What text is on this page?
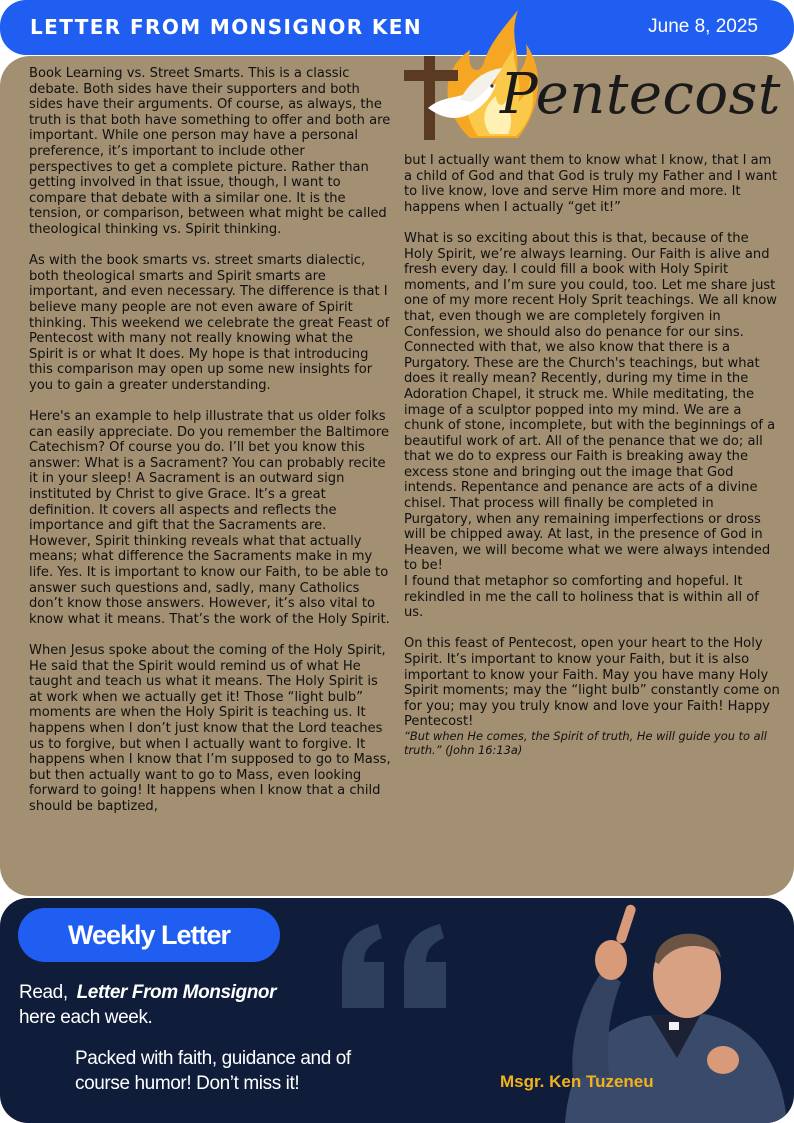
LETTER FROM MONSIGNOR KEN	June 8, 2025
Pentecost

Book Learning vs. Street Smarts. This is a classic debate. Both sides have their supporters and both sides have their arguments. Of course, as always, the truth is that both have something to offer and both are important. While one person may have a personal preference, it’s important to include other perspectives to get a complete picture. Rather than getting involved in that issue, though, I want to compare that debate with a similar one. It is the tension, or comparison, between what might be called theological thinking vs. Spirit thinking.

As with the book smarts vs. street smarts dialectic, both theological smarts and Spirit smarts are important, and even necessary. The difference is that I believe many people are not even aware of Spirit thinking. This weekend we celebrate the great Feast of Pentecost with many not really knowing what the Spirit is or what It does. My hope is that introducing this comparison may open up some new insights for you to gain a greater understanding.

Here's an example to help illustrate that us older folks can easily appreciate. Do you remember the Baltimore Catechism? Of course you do. I’ll bet you know this answer: What is a Sacrament? You can probably recite it in your sleep! A Sacrament is an outward sign instituted by Christ to give Grace. It’s a great definition. It covers all aspects and reflects the importance and gift that the Sacraments are. However, Spirit thinking reveals what that actually means; what difference the Sacraments make in my life. Yes. It is important to know our Faith, to be able to answer such questions and, sadly, many Catholics don’t know those answers. However, it’s also vital to know what it means. That’s the work of the Holy Spirit.

When Jesus spoke about the coming of the Holy Spirit, He said that the Spirit would remind us of what He taught and teach us what it means. The Holy Spirit is at work when we actually get it! Those “light bulb” moments are when the Holy Spirit is teaching us. It happens when I don’t just know that the Lord teaches us to forgive, but when I actually want to forgive. It happens when I know that I’m supposed to go to Mass, but then actually want to go to Mass, even looking forward to going! It happens when I know that a child should be baptized,

but I actually want them to know what I know, that I am a child of God and that God is truly my Father and I want to live know, love and serve Him more and more. It happens when I actually “get it!”

What is so exciting about this is that, because of the Holy Spirit, we’re always learning. Our Faith is alive and fresh every day. I could fill a book with Holy Spirit moments, and I’m sure you could, too. Let me share just one of my more recent Holy Sprit teachings. We all know that, even though we are completely forgiven in Confession, we should also do penance for our sins. Connected with that, we also know that there is a Purgatory. These are the Church's teachings, but what does it really mean? Recently, during my time in the Adoration Chapel, it struck me. While meditating, the image of a sculptor popped into my mind. We are a chunk of stone, incomplete, but with the beginnings of a beautiful work of art. All of the penance that we do; all that we do to express our Faith is breaking away the excess stone and bringing out the image that God intends. Repentance and penance are acts of a divine chisel. That process will finally be completed in Purgatory, when any remaining imperfections or dross will be chipped away. At last, in the presence of God in Heaven, we will become what we were always intended to be!

I found that metaphor so comforting and hopeful. It rekindled in me the call to holiness that is within all of us.

On this feast of Pentecost, open your heart to the Holy Spirit. It’s important to know your Faith, but it is also important to know your Faith. May you have many Holy Spirit moments; may the “light bulb” constantly come on for you; may you truly know and love your Faith! Happy Pentecost!

“But when He comes, the Spirit of truth, He will guide you to all truth.” (John 16:13a)

Weekly Letter
Read, Letter From Monsignor
here each week.
Packed with faith, guidance and of course humor! Don’t miss it!	Msgr. Ken Tuzeneu
